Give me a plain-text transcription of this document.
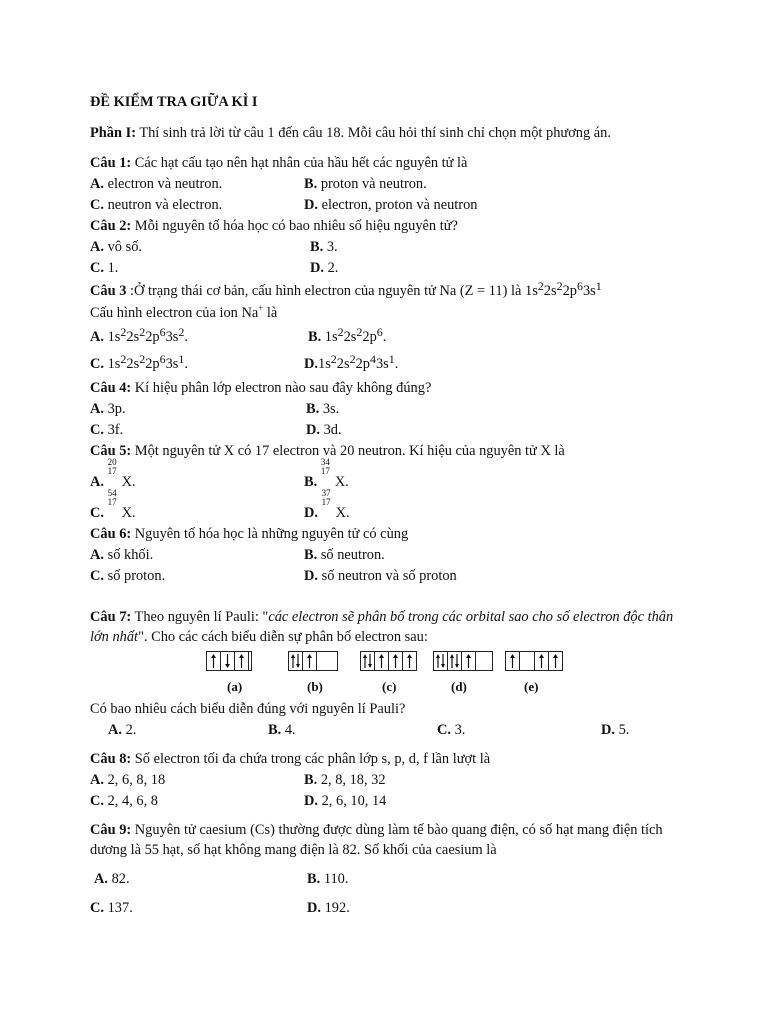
ĐỀ KIỂM TRA GIỮA KÌ I
Phần I: Thí sinh trả lời từ câu 1 đến câu 18. Mỗi câu hỏi thí sinh chỉ chọn một phương án.
Câu 1: Các hạt cấu tạo nên hạt nhân của hầu hết các nguyên tử là
A. electron và neutron.	B. proton và neutron.
C. neutron và electron.	D. electron, proton và neutron
Câu 2: Mỗi nguyên tố hóa học có bao nhiêu số hiệu nguyên tử?
A. vô số.	B. 3.
C. 1.	D. 2.
Câu 3 :Ở trạng thái cơ bản, cấu hình electron của nguyên tử Na (Z = 11) là $1s^22s^22p^63s^1$
Cấu hình electron của ion Na+ là
A. $1s^22s^22p^63s^2$.	B. $1s^22s^22p^6$.
C. $1s^22s^22p^63s^1$.	$D.1s^22s^22p^43s^1$.
Câu 4: Kí hiệu phân lớp electron nào sau đây không đúng?
A. 3p.	B. 3s.
C. 3f.	D. 3d.
Câu 5: Một nguyên tử X có 17 electron và 20 neutron. Kí hiệu của nguyên tử X là
A.
20
17
X.	B.
34
17
X.
C.
54
17
X.	D.
37
17
X.
Câu 6: Nguyên tố hóa học là những nguyên tử có cùng
A. số khối.	B. số neutron.
C. số proton.	D. số neutron và số proton
Câu 7: Theo nguyên lí Pauli: "các electron sẽ phân bố trong các orbital sao cho số electron độc thân lớn nhất". Cho các cách biểu diễn sự phân bố electron sau:
(a)	(b)	(c)	(d)	(e)
Có bao nhiêu cách biểu diễn đúng với nguyên lí Pauli?
A. 2.	B. 4.	C. 3.	D. 5.
Câu 8: Số electron tối đa chứa trong các phân lớp s, p, d, f lần lượt là
A. 2, 6, 8, 18	B. 2, 8, 18, 32
C. 2, 4, 6, 8	D. 2, 6, 10, 14
Câu 9: Nguyên tử caesium (Cs) thường được dùng làm tế bào quang điện, có số hạt mang điện tích dương là 55 hạt, số hạt không mang điện là 82. Số khối của caesium là
A. 82.	B. 110.
C. 137.	D. 192.
